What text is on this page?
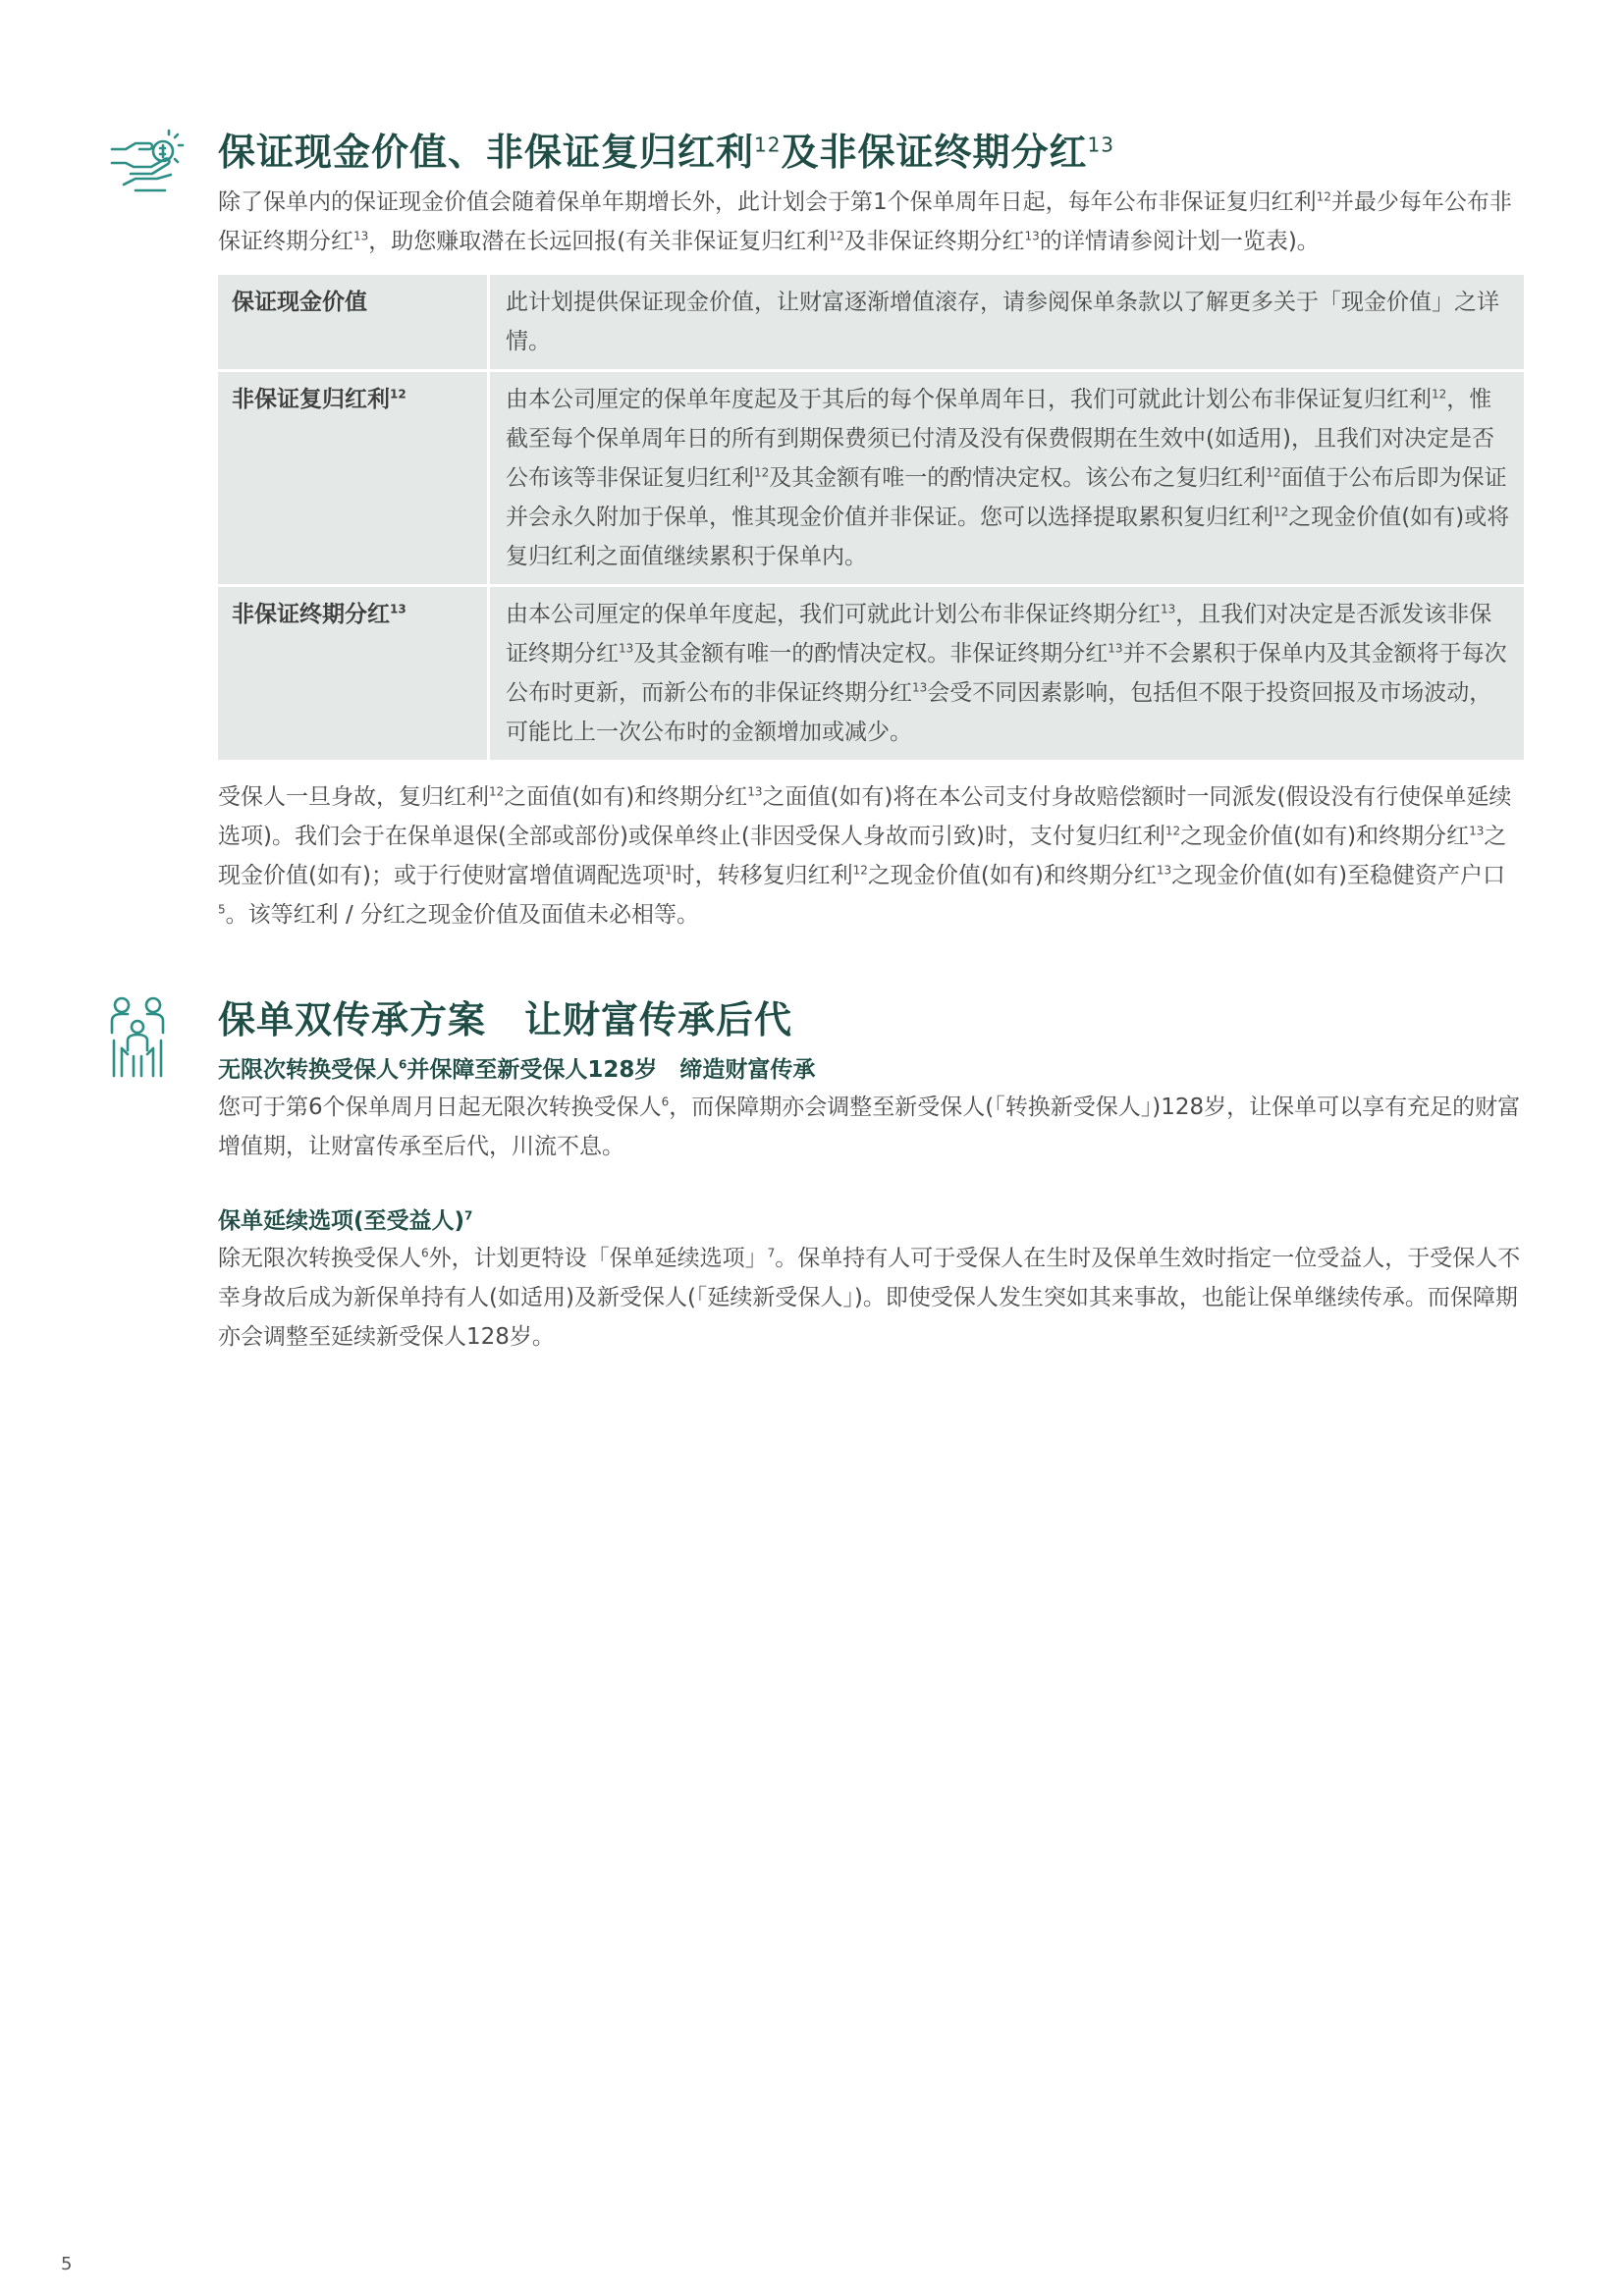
保证现金价值、非保证复归红利$^{12}$及非保证终期分红$^{13}$

除了保单内的保证现金价值会随着保单年期增长外，此计划会于第1个保单周年日起，每年公布非保证复归红利$^{12}$并最少每年公布非保证终期分红$^{13}$，助您赚取潜在长远回报(有关非保证复归红利$^{12}$及非保证终期分红$^{13}$的详情请参阅计划一览表)。

保证现金价值	此计划提供保证现金价值，让财富逐渐增值滚存，请参阅保单条款以了解更多关于「现金价值」之详情。
非保证复归红利$^{12}$	由本公司厘定的保单年度起及于其后的每个保单周年日，我们可就此计划公布非保证复归红利$^{12}$，惟截至每个保单周年日的所有到期保费须已付清及没有保费假期在生效中(如适用)，且我们对决定是否公布该等非保证复归红利$^{12}$及其金额有唯一的酌情决定权。该公布之复归红利$^{12}$面值于公布后即为保证并会永久附加于保单，惟其现金价值并非保证。您可以选择提取累积复归红利$^{12}$之现金价值(如有)或将复归红利之面值继续累积于保单内。
非保证终期分红$^{13}$	由本公司厘定的保单年度起，我们可就此计划公布非保证终期分红$^{13}$，且我们对决定是否派发该非保证终期分红$^{13}$及其金额有唯一的酌情决定权。非保证终期分红$^{13}$并不会累积于保单内及其金额将于每次公布时更新，而新公布的非保证终期分红$^{13}$会受不同因素影响，包括但不限于投资回报及市场波动，可能比上一次公布时的金额增加或减少。

受保人一旦身故，复归红利$^{12}$之面值(如有)和终期分红$^{13}$之面值(如有)将在本公司支付身故赔偿额时一同派发(假设没有行使保单延续选项)。我们会于在保单退保(全部或部份)或保单终止(非因受保人身故而引致)时，支付复归红利$^{12}$之现金价值(如有)和终期分红$^{13}$之现金价值(如有)；或于行使财富增值调配选项$^1$时，转移复归红利$^{12}$之现金价值(如有)和终期分红$^{13}$之现金价值(如有)至稳健资产户口$^5$。该等红利 / 分红之现金价值及面值未必相等。

保单双传承方案　让财富传承后代

无限次转换受保人$^6$并保障至新受保人128岁　缔造财富传承

您可于第6个保单周月日起无限次转换受保人$^6$，而保障期亦会调整至新受保人(「转换新受保人」)128岁，让保单可以享有充足的财富增值期，让财富传承至后代，川流不息。

保单延续选项(至受益人)$^7$

除无限次转换受保人$^6$外，计划更特设「保单延续选项」$^7$。保单持有人可于受保人在生时及保单生效时指定一位受益人，于受保人不幸身故后成为新保单持有人(如适用)及新受保人(「延续新受保人」)。即使受保人发生突如其来事故，也能让保单继续传承。而保障期亦会调整至延续新受保人128岁。

5
